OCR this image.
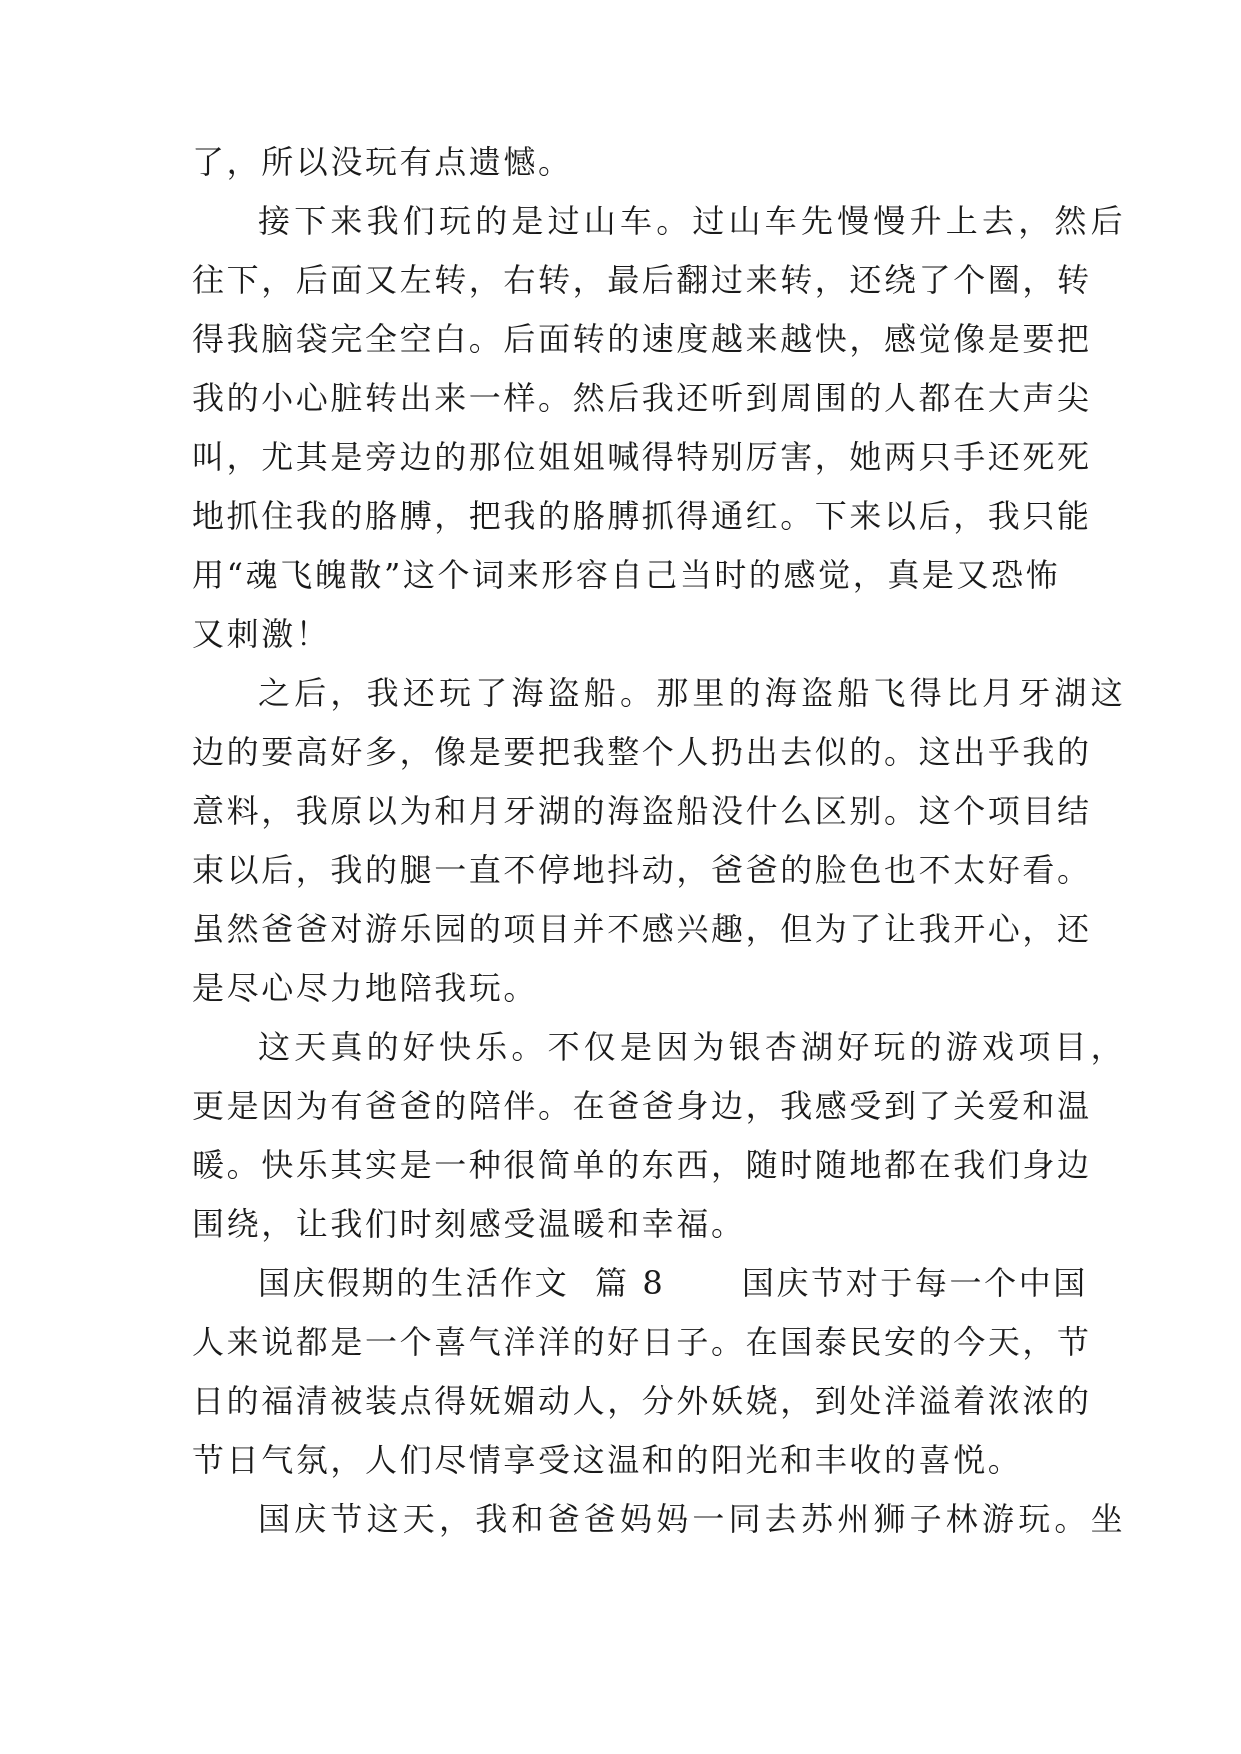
了，所以没玩有点遗憾。
接下来我们玩的是过山车。过山车先慢慢升上去，然后
往下，后面又左转，右转，最后翻过来转，还绕了个圈，转
得我脑袋完全空白。后面转的速度越来越快，感觉像是要把
我的小心脏转出来一样。然后我还听到周围的人都在大声尖
叫，尤其是旁边的那位姐姐喊得特别厉害，她两只手还死死
地抓住我的胳膊，把我的胳膊抓得通红。下来以后，我只能
用“魂飞魄散”这个词来形容自己当时的感觉，真是又恐怖
又刺激！
之后，我还玩了海盗船。那里的海盗船飞得比月牙湖这
边的要高好多，像是要把我整个人扔出去似的。这出乎我的
意料，我原以为和月牙湖的海盗船没什么区别。这个项目结
束以后，我的腿一直不停地抖动，爸爸的脸色也不太好看。
虽然爸爸对游乐园的项目并不感兴趣，但为了让我开心，还
是尽心尽力地陪我玩。
这天真的好快乐。不仅是因为银杏湖好玩的游戏项目，
更是因为有爸爸的陪伴。在爸爸身边，我感受到了关爱和温
暖。快乐其实是一种很简单的东西，随时随地都在我们身边
围绕，让我们时刻感受温暖和幸福。
国庆假期的生活作文  篇 8      国庆节对于每一个中国
人来说都是一个喜气洋洋的好日子。在国泰民安的今天，节
日的福清被装点得妩媚动人，分外妖娆，到处洋溢着浓浓的
节日气氛，人们尽情享受这温和的阳光和丰收的喜悦。
国庆节这天，我和爸爸妈妈一同去苏州狮子林游玩。坐
